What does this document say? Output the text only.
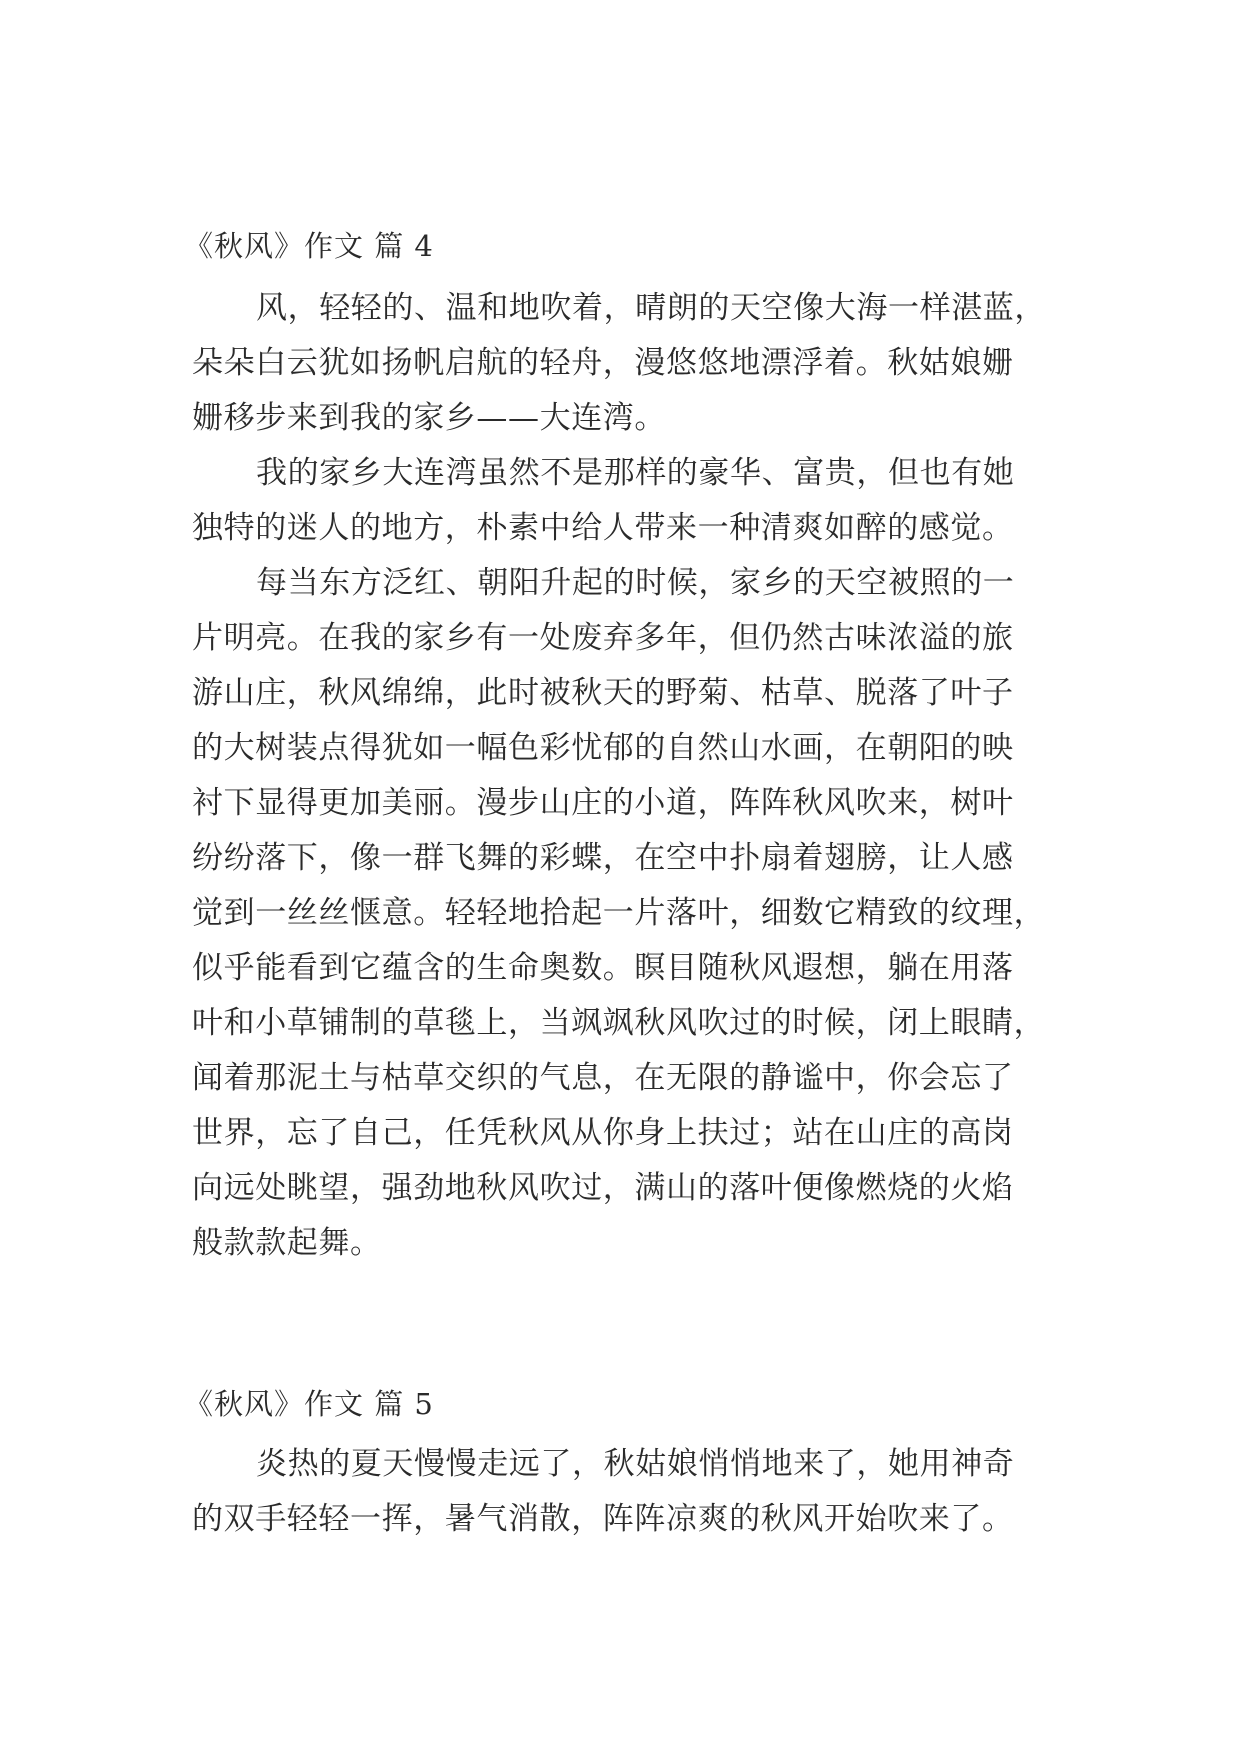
《秋风》作文 篇 4
风，轻轻的、温和地吹着，晴朗的天空像大海一样湛蓝，
朵朵白云犹如扬帆启航的轻舟，漫悠悠地漂浮着。秋姑娘姗
姗移步来到我的家乡——大连湾。
我的家乡大连湾虽然不是那样的豪华、富贵，但也有她
独特的迷人的地方，朴素中给人带来一种清爽如醉的感觉。
每当东方泛红、朝阳升起的时候，家乡的天空被照的一
片明亮。在我的家乡有一处废弃多年，但仍然古味浓溢的旅
游山庄，秋风绵绵，此时被秋天的野菊、枯草、脱落了叶子
的大树装点得犹如一幅色彩忧郁的自然山水画，在朝阳的映
衬下显得更加美丽。漫步山庄的小道，阵阵秋风吹来，树叶
纷纷落下，像一群飞舞的彩蝶，在空中扑扇着翅膀，让人感
觉到一丝丝惬意。轻轻地拾起一片落叶，细数它精致的纹理，
似乎能看到它蕴含的生命奥数。瞑目随秋风遐想，躺在用落
叶和小草铺制的草毯上，当飒飒秋风吹过的时候，闭上眼睛，
闻着那泥土与枯草交织的气息，在无限的静谧中，你会忘了
世界，忘了自己，任凭秋风从你身上扶过；站在山庄的高岗
向远处眺望，强劲地秋风吹过，满山的落叶便像燃烧的火焰
般款款起舞。
《秋风》作文 篇 5
炎热的夏天慢慢走远了，秋姑娘悄悄地来了，她用神奇
的双手轻轻一挥，暑气消散，阵阵凉爽的秋风开始吹来了。
